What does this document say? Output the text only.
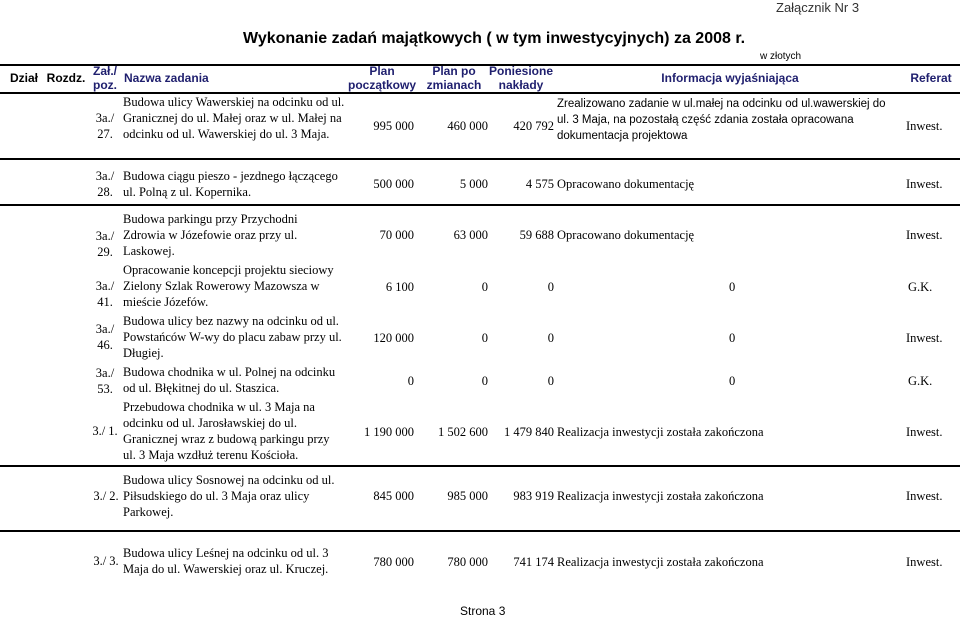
Załącznik Nr 3
Wykonanie zadań majątkowych ( w tym inwestycyjnych) za 2008 r.
w złotych
Dział Rozdz. Zał./ poz. Nazwa zadania	Plan początkowy
Plan po zmianach
Poniesione nakłady	Informacja wyjaśniająca	Referat
3a./ 27.
Budowa ulicy Wawerskiej na odcinku od ul. Granicznej do ul. Małej oraz w ul. Małej na odcinku od ul. Wawerskiej do ul. 3 Maja.
995 000	460 000	420 792
Zrealizowano zadanie w ul.małej na odcinku od ul.wawerskiej do ul. 3 Maja, na pozostałą część zdania została opracowana dokumentacja projektowa
Inwest.
3a./ 28.
Budowa ciągu pieszo - jezdnego łączącego ul. Polną z ul. Kopernika.
500 000	5 000	4 575 Opracowano dokumentację	Inwest.
3a./ 29.
Budowa parkingu przy Przychodni Zdrowia w Józefowie oraz przy ul. Laskowej.
70 000	63 000	59 688 Opracowano dokumentację	Inwest.
3a./ 41.
Opracowanie koncepcji projektu sieciowy Zielony Szlak Rowerowy Mazowsza w mieście Józefów.
6 100	0	0	0	G.K.
3a./ 46.
Budowa ulicy bez nazwy na odcinku od ul. Powstańców W-wy do placu zabaw przy ul. Długiej.
120 000	0	0	0	Inwest.
3a./ 53.
Budowa chodnika w ul. Polnej na odcinku od ul. Błękitnej do ul. Staszica.	0	0	0	0	G.K.
3./ 1.
Przebudowa chodnika w ul. 3 Maja na odcinku od ul. Jarosławskiej do ul. Granicznej wraz z budową parkingu przy ul. 3 Maja wzdłuż terenu Kościoła.
1 190 000	1 502 600	1 479 840 Realizacja inwestycji została zakończona	Inwest.
3./ 2.
Budowa ulicy Sosnowej na odcinku od ul. Piłsudskiego do ul. 3 Maja oraz ulicy Parkowej.
845 000	985 000	983 919 Realizacja inwestycji została zakończona	Inwest.
3./ 3.
Budowa ulicy Leśnej na odcinku od ul. 3 Maja do ul. Wawerskiej oraz ul. Kruczej.	780 000	780 000	741 174 Realizacja inwestycji została zakończona	Inwest.
Strona 3
